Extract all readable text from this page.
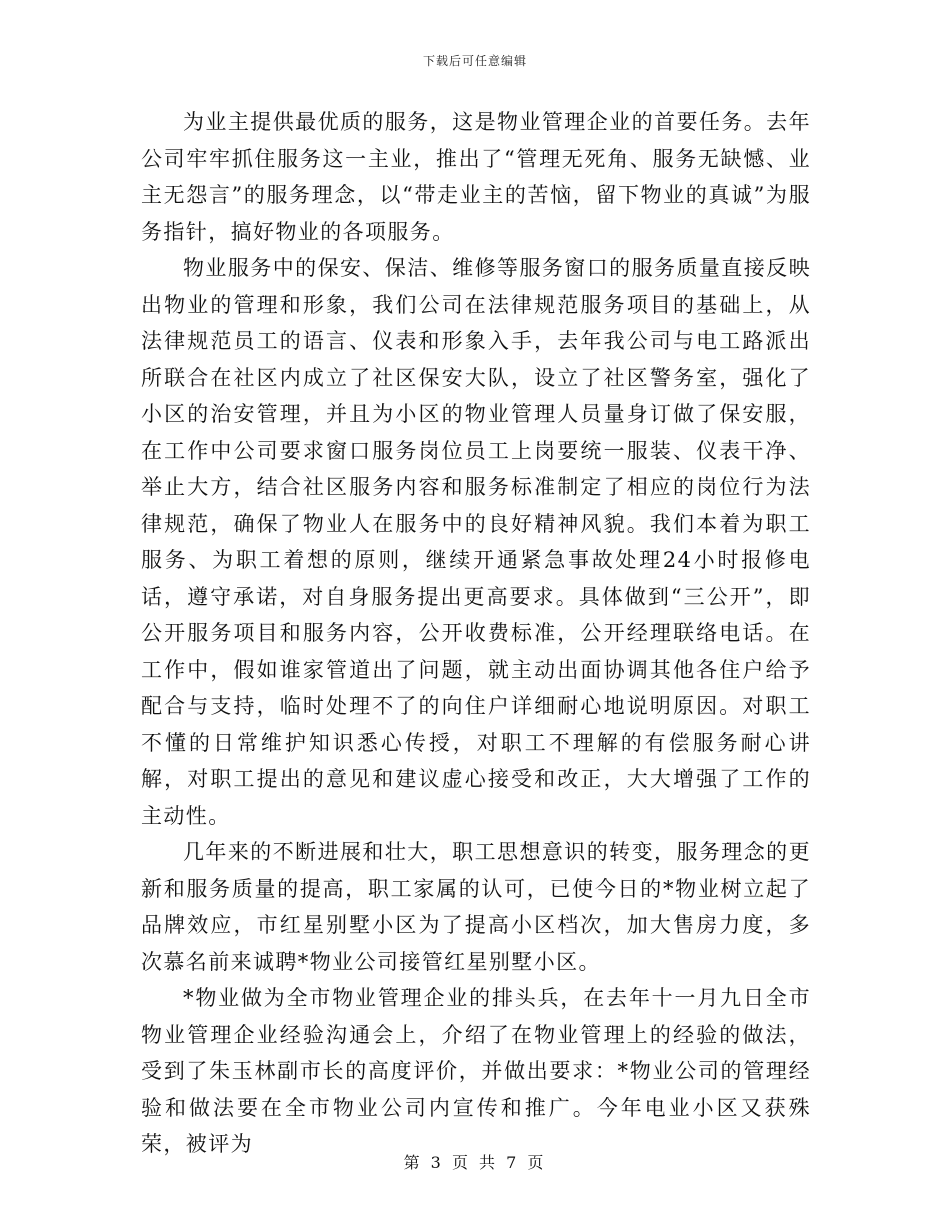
下载后可任意编辑

为业主提供最优质的服务，这是物业管理企业的首要任务。去年公司牢牢抓住服务这一主业，推出了“管理无死角、服务无缺憾、业主无怨言”的服务理念，以“带走业主的苦恼，留下物业的真诚”为服务指针，搞好物业的各项服务。

物业服务中的保安、保洁、维修等服务窗口的服务质量直接反映出物业的管理和形象，我们公司在法律规范服务项目的基础上，从法律规范员工的语言、仪表和形象入手，去年我公司与电工路派出所联合在社区内成立了社区保安大队，设立了社区警务室，强化了小区的治安管理，并且为小区的物业管理人员量身订做了保安服，在工作中公司要求窗口服务岗位员工上岗要统一服装、仪表干净、举止大方，结合社区服务内容和服务标准制定了相应的岗位行为法律规范，确保了物业人在服务中的良好精神风貌。我们本着为职工服务、为职工着想的原则，继续开通紧急事故处理24小时报修电话，遵守承诺，对自身服务提出更高要求。具体做到“三公开”，即公开服务项目和服务内容，公开收费标准，公开经理联络电话。在工作中，假如谁家管道出了问题，就主动出面协调其他各住户给予配合与支持，临时处理不了的向住户详细耐心地说明原因。对职工不懂的日常维护知识悉心传授，对职工不理解的有偿服务耐心讲解，对职工提出的意见和建议虚心接受和改正，大大增强了工作的主动性。

几年来的不断进展和壮大，职工思想意识的转变，服务理念的更新和服务质量的提高，职工家属的认可，已使今日的*物业树立起了品牌效应，市红星别墅小区为了提高小区档次，加大售房力度，多次慕名前来诚聘*物业公司接管红星别墅小区。

*物业做为全市物业管理企业的排头兵，在去年十一月九日全市物业管理企业经验沟通会上，介绍了在物业管理上的经验的做法，受到了朱玉林副市长的高度评价，并做出要求：*物业公司的管理经验和做法要在全市物业公司内宣传和推广。今年电业小区又获殊荣，被评为

第 3 页 共 7 页
